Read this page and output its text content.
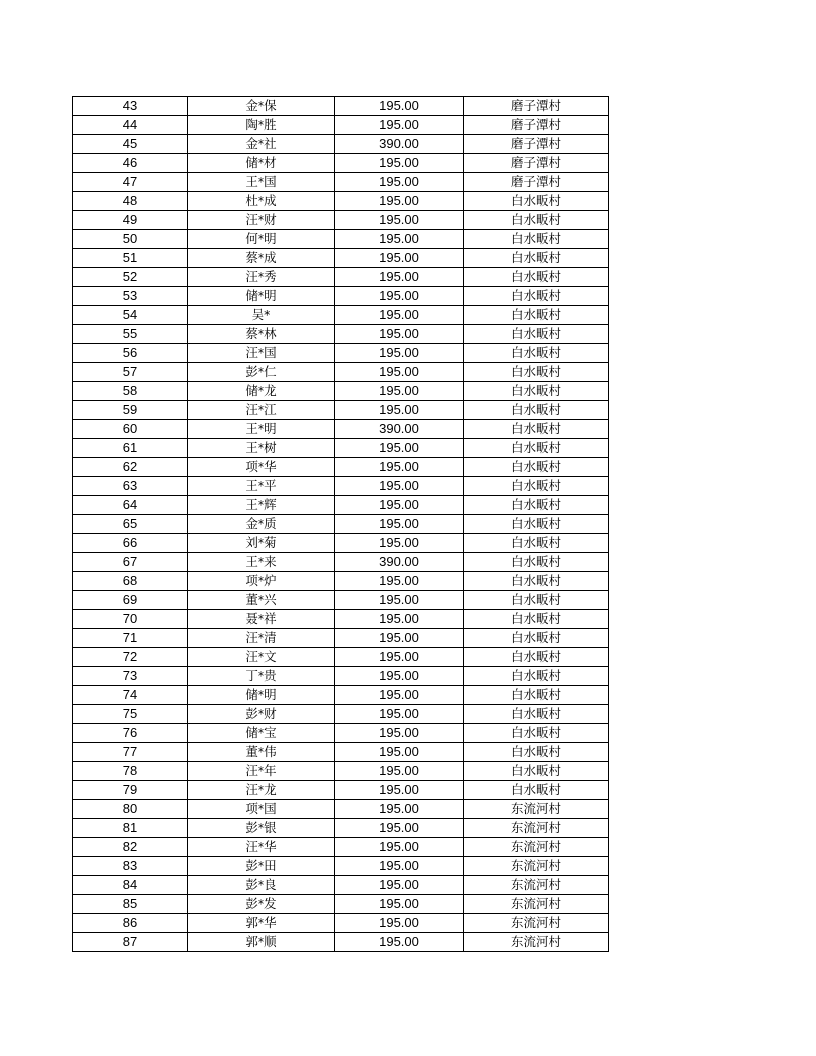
43	金*保	195.00	磨子潭村
44	陶*胜	195.00	磨子潭村
45	金*社	390.00	磨子潭村
46	储*材	195.00	磨子潭村
47	王*国	195.00	磨子潭村
48	杜*成	195.00	白水畈村
49	汪*财	195.00	白水畈村
50	何*明	195.00	白水畈村
51	蔡*成	195.00	白水畈村
52	汪*秀	195.00	白水畈村
53	储*明	195.00	白水畈村
54	吴*	195.00	白水畈村
55	蔡*林	195.00	白水畈村
56	汪*国	195.00	白水畈村
57	彭*仁	195.00	白水畈村
58	储*龙	195.00	白水畈村
59	汪*江	195.00	白水畈村
60	王*明	390.00	白水畈村
61	王*树	195.00	白水畈村
62	项*华	195.00	白水畈村
63	王*平	195.00	白水畈村
64	王*辉	195.00	白水畈村
65	金*质	195.00	白水畈村
66	刘*菊	195.00	白水畈村
67	王*来	390.00	白水畈村
68	项*炉	195.00	白水畈村
69	董*兴	195.00	白水畈村
70	聂*祥	195.00	白水畈村
71	汪*清	195.00	白水畈村
72	汪*文	195.00	白水畈村
73	丁*贵	195.00	白水畈村
74	储*明	195.00	白水畈村
75	彭*财	195.00	白水畈村
76	储*宝	195.00	白水畈村
77	董*伟	195.00	白水畈村
78	汪*年	195.00	白水畈村
79	汪*龙	195.00	白水畈村
80	项*国	195.00	东流河村
81	彭*银	195.00	东流河村
82	汪*华	195.00	东流河村
83	彭*田	195.00	东流河村
84	彭*良	195.00	东流河村
85	彭*发	195.00	东流河村
86	郭*华	195.00	东流河村
87	郭*顺	195.00	东流河村
